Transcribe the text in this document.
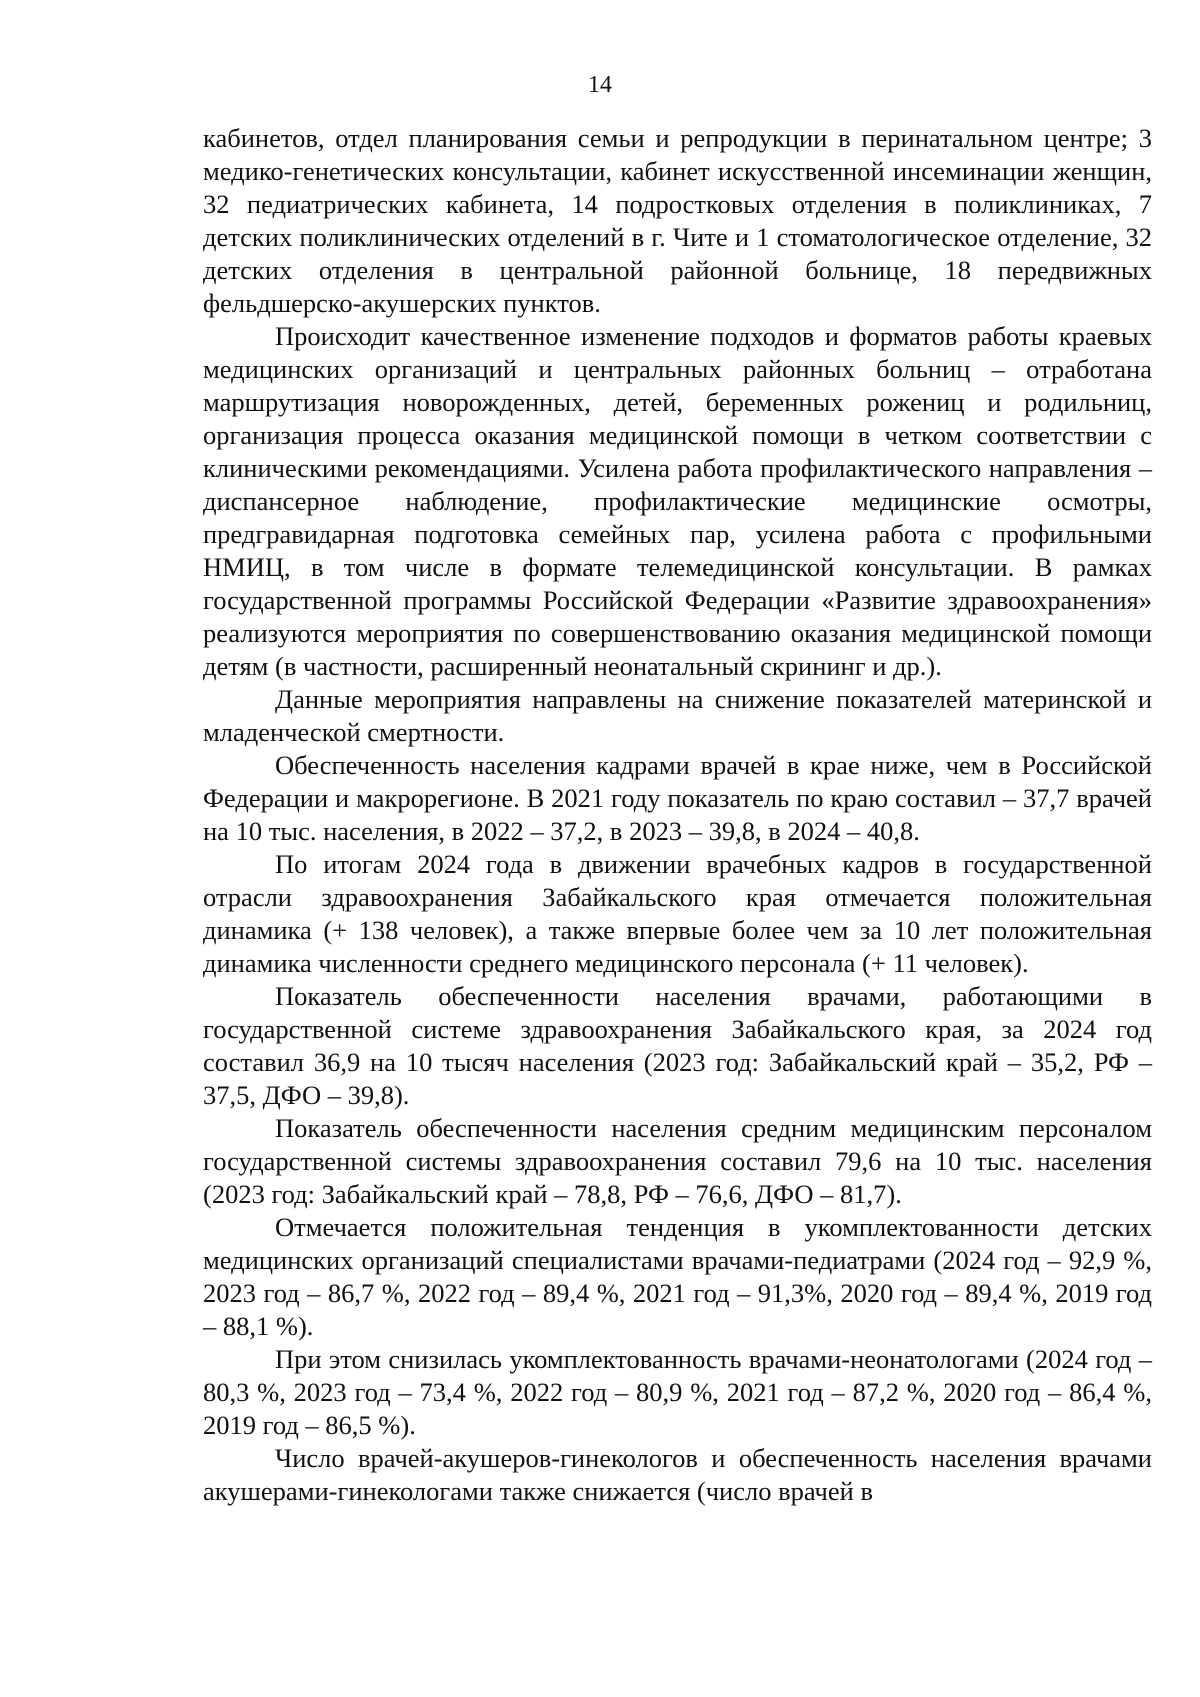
14

кабинетов, отдел планирования семьи и репродукции в перинатальном центре; 3 медико-генетических консультации, кабинет искусственной инсеминации женщин, 32 педиатрических кабинета, 14 подростковых отделения в поликлиниках, 7 детских поликлинических отделений в г. Чите и 1 стоматологическое отделение, 32 детских отделения в центральной районной больнице, 18 передвижных фельдшерско-акушерских пунктов.

Происходит качественное изменение подходов и форматов работы краевых медицинских организаций и центральных районных больниц – отработана маршрутизация новорожденных, детей, беременных рожениц и родильниц, организация процесса оказания медицинской помощи в четком соответствии с клиническими рекомендациями. Усилена работа профилактического направления – диспансерное наблюдение, профилактические медицинские осмотры, предгравидарная подготовка семейных пар, усилена работа с профильными НМИЦ, в том числе в формате телемедицинской консультации. В рамках государственной программы Российской Федерации «Развитие здравоохранения» реализуются мероприятия по совершенствованию оказания медицинской помощи детям (в частности, расширенный неонатальный скрининг и др.).

Данные мероприятия направлены на снижение показателей материнской и младенческой смертности.

Обеспеченность населения кадрами врачей в крае ниже, чем в Российской Федерации и макрорегионе. В 2021 году показатель по краю составил – 37,7 врачей на 10 тыс. населения, в 2022 – 37,2, в 2023 – 39,8, в 2024 – 40,8.

По итогам 2024 года в движении врачебных кадров в государственной отрасли здравоохранения Забайкальского края отмечается положительная динамика (+ 138 человек), а также впервые более чем за 10 лет положительная динамика численности среднего медицинского персонала (+ 11 человек).

Показатель обеспеченности населения врачами, работающими в государственной системе здравоохранения Забайкальского края, за 2024 год составил 36,9 на 10 тысяч населения (2023 год: Забайкальский край – 35,2, РФ – 37,5, ДФО – 39,8).

Показатель обеспеченности населения средним медицинским персоналом государственной системы здравоохранения составил 79,6 на 10 тыс. населения (2023 год: Забайкальский край – 78,8, РФ – 76,6, ДФО – 81,7).

Отмечается положительная тенденция в укомплектованности детских медицинских организаций специалистами врачами-педиатрами (2024 год – 92,9 %, 2023 год – 86,7 %, 2022 год – 89,4 %, 2021 год – 91,3%, 2020 год – 89,4 %, 2019 год – 88,1 %).

При этом снизилась укомплектованность врачами-неонатологами (2024 год – 80,3 %, 2023 год – 73,4 %, 2022 год – 80,9 %, 2021 год – 87,2 %, 2020 год – 86,4 %, 2019 год – 86,5 %).

Число врачей-акушеров-гинекологов и обеспеченность населения врачами акушерами-гинекологами также снижается (число врачей в
